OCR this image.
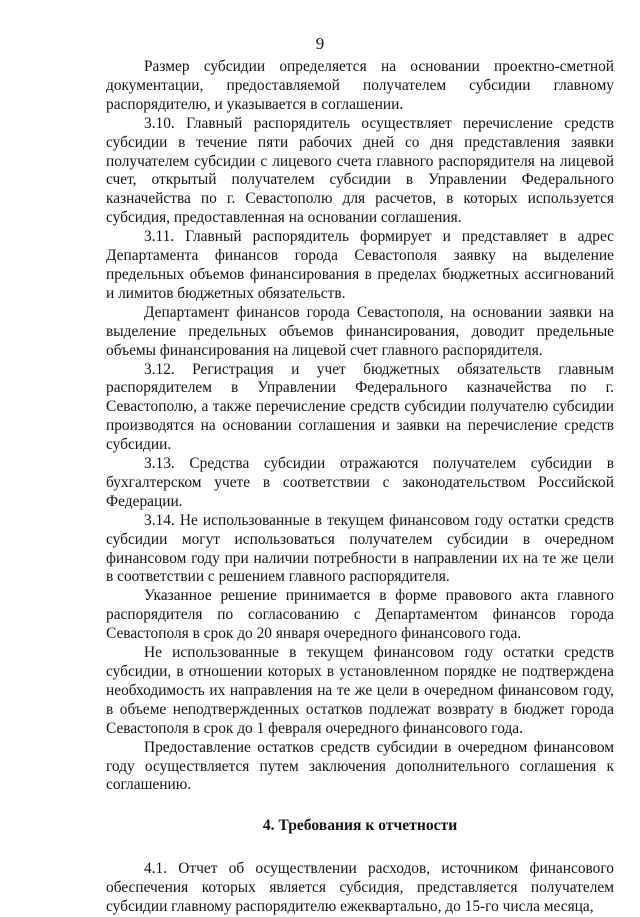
9

Размер субсидии определяется на основании проектно-сметной документации, предоставляемой получателем субсидии главному распорядителю, и указывается в соглашении.

3.10. Главный распорядитель осуществляет перечисление средств субсидии в течение пяти рабочих дней со дня представления заявки получателем субсидии с лицевого счета главного распорядителя на лицевой счет, открытый получателем субсидии в Управлении Федерального казначейства по г. Севастополю для расчетов, в которых используется субсидия, предоставленная на основании соглашения.

3.11. Главный распорядитель формирует и представляет в адрес Департамента финансов города Севастополя заявку на выделение предельных объемов финансирования в пределах бюджетных ассигнований и лимитов бюджетных обязательств.

Департамент финансов города Севастополя, на основании заявки на выделение предельных объемов финансирования, доводит предельные объемы финансирования на лицевой счет главного распорядителя.

3.12. Регистрация и учет бюджетных обязательств главным распорядителем в Управлении Федерального казначейства по г. Севастополю, а также перечисление средств субсидии получателю субсидии производятся на основании соглашения и заявки на перечисление средств субсидии.

3.13. Средства субсидии отражаются получателем субсидии в бухгалтерском учете в соответствии с законодательством Российской Федерации.

3.14. Не использованные в текущем финансовом году остатки средств субсидии могут использоваться получателем субсидии в очередном финансовом году при наличии потребности в направлении их на те же цели в соответствии с решением главного распорядителя.

Указанное решение принимается в форме правового акта главного распорядителя по согласованию с Департаментом финансов города Севастополя в срок до 20 января очередного финансового года.

Не использованные в текущем финансовом году остатки средств субсидии, в отношении которых в установленном порядке не подтверждена необходимость их направления на те же цели в очередном финансовом году, в объеме неподтвержденных остатков подлежат возврату в бюджет города Севастополя в срок до 1 февраля очередного финансового года.

Предоставление остатков средств субсидии в очередном финансовом году осуществляется путем заключения дополнительного соглашения к соглашению.

4. Требования к отчетности

4.1. Отчет об осуществлении расходов, источником финансового обеспечения которых является субсидия, представляется получателем субсидии главному распорядителю ежеквартально, до 15-го числа месяца,
